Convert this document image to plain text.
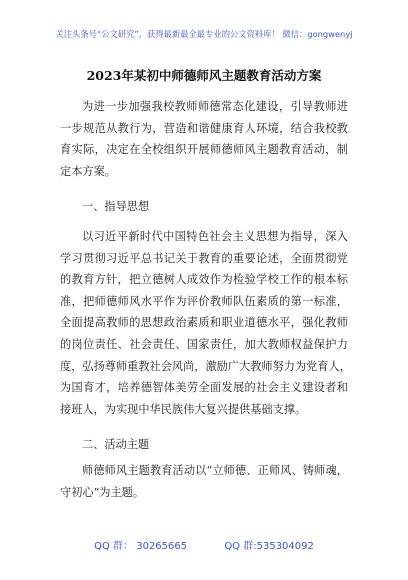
关注头条号“公文研究”，获得最新最全最专业的公文资料库！ 微信：gongwenyj
2023年某初中师德师风主题教育活动方案
为进一步加强我校教师师德常态化建设，引导教师进
一步规范从教行为，营造和谐健康育人环境，结合我校教
育实际，决定在全校组织开展师德师风主题教育活动，制
定本方案。
一、指导思想
以习近平新时代中国特色社会主义思想为指导，深入
学习贯彻习近平总书记关于教育的重要论述，全面贯彻党
的教育方针，把立德树人成效作为检验学校工作的根本标
准，把师德师风水平作为评价教师队伍素质的第一标准，
全面提高教师的思想政治素质和职业道德水平，强化教师
的岗位责任、社会责任、国家责任，加大教师权益保护力
度，弘扬尊师重教社会风尚，激励广大教师努力为党育人，
为国育才，培养德智体美劳全面发展的社会主义建设者和
接班人，为实现中华民族伟大复兴提供基础支撑。
二、活动主题
师德师风主题教育活动以“立师德、正师风、铸师魂，
守初心”为主题。
QQ 群： 30265665	QQ 群:535304092
